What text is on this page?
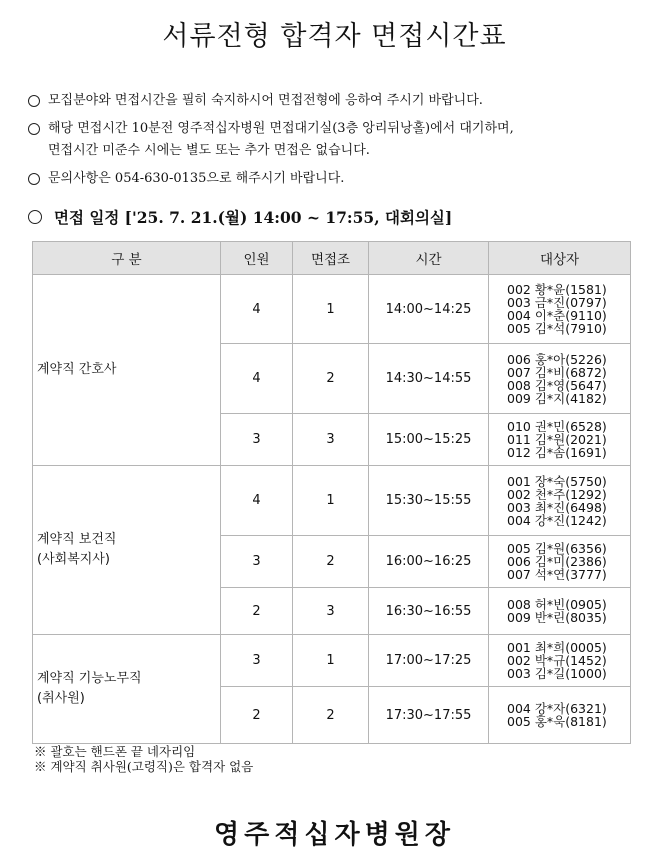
서류전형 합격자 면접시간표
모집분야와 면접시간을 필히 숙지하시어 면접전형에 응하여 주시기 바랍니다.
해당 면접시간 10분전 영주적십자병원 면접대기실(3층 앙리뒤낭홀)에서 대기하며,
면접시간 미준수 시에는 별도 또는 추가 면접은 없습니다.
문의사항은 054-630-0135으로 해주시기 바랍니다.
면접 일정 ['25. 7. 21.(월) 14:00 ~ 17:55, 대회의실]
구 분	인원	면접조	시간	대상자

계약직 간호사	4	1	14:00~14:25	002 황*윤(1581)
003 금*진(0797)
004 이*춘(9110)
005 김*석(7910)

	4	2	14:30~14:55	006 홍*아(5226)
007 김*비(6872)
008 김*영(5647)
009 김*지(4182)

	3	3	15:00~15:25	010 권*민(6528)
011 김*원(2021)
012 김*솜(1691)

계약직 보건직
(사회복지사)	4	1	15:30~15:55	001 장*숙(5750)
002 천*주(1292)
003 최*진(6498)
004 강*진(1242)

	3	2	16:00~16:25	005 김*원(6356)
006 김*미(2386)
007 석*연(3777)

	2	3	16:30~16:55	008 허*빈(0905)
009 반*린(8035)

계약직 기능노무직
(취사원)	3	1	17:00~17:25	001 최*희(0005)
002 박*규(1452)
003 김*길(1000)

	2	2	17:30~17:55	004 강*자(6321)
005 홍*욱(8181)
※ 괄호는 핸드폰 끝 네자리임
※ 계약직 취사원(고령직)은 합격자 없음
영주적십자병원장
